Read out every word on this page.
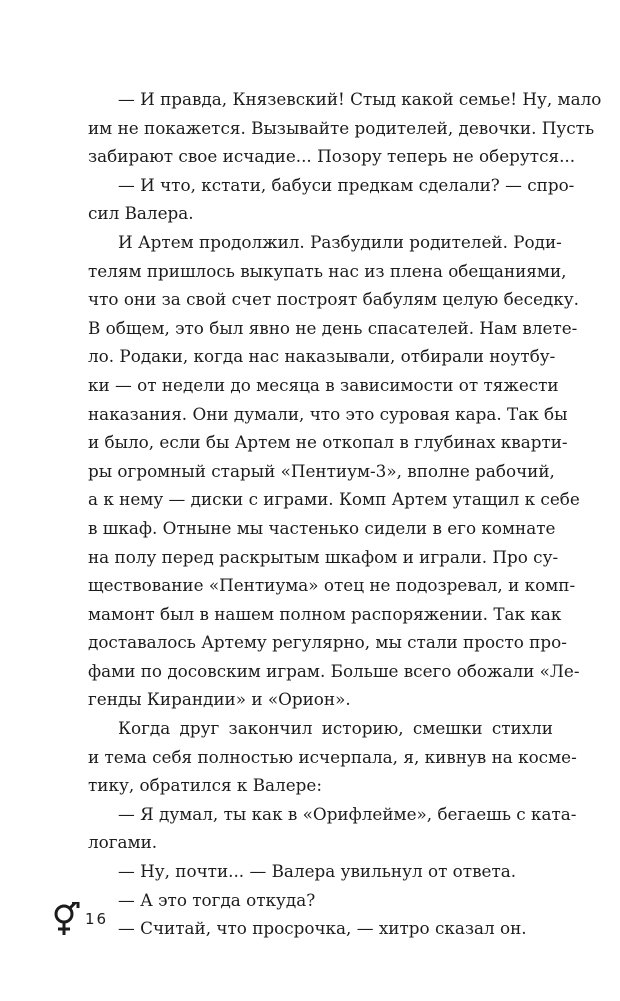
— И правда, Князевский! Стыд какой семье! Ну, мало
им не покажется. Вызывайте родителей, девочки. Пусть
забирают свое исчадие... Позору теперь не оберутся...
— И что, кстати, бабуси предкам сделали? — спро-
сил Валера.
И Артем продолжил. Разбудили родителей. Роди-
телям пришлось выкупать нас из плена обещаниями,
что они за свой счет построят бабулям целую беседку.
В общем, это был явно не день спасателей. Нам влете-
ло. Родаки, когда нас наказывали, отбирали ноутбу-
ки — от недели до месяца в зависимости от тяжести
наказания. Они думали, что это суровая кара. Так бы
и было, если бы Артем не откопал в глубинах кварти-
ры огромный старый «Пентиум-3», вполне рабочий,
а к нему — диски с играми. Комп Артем утащил к себе
в шкаф. Отныне мы частенько сидели в его комнате
на полу перед раскрытым шкафом и играли. Про су-
ществование «Пентиума» отец не подозревал, и комп-
мамонт был в нашем полном распоряжении. Так как
доставалось Артему регулярно, мы стали просто про-
фами по досовским играм. Больше всего обожали «Ле-
генды Кирандии» и «Орион».
Когда друг закончил историю, смешки стихли
и тема себя полностью исчерпала, я, кивнув на косме-
тику, обратился к Валере:
— Я думал, ты как в «Орифлейме», бегаешь с ката-
логами.
— Ну, почти... — Валера увильнул от ответа.
— А это тогда откуда?
— Считай, что просрочка, — хитро сказал он.
16
